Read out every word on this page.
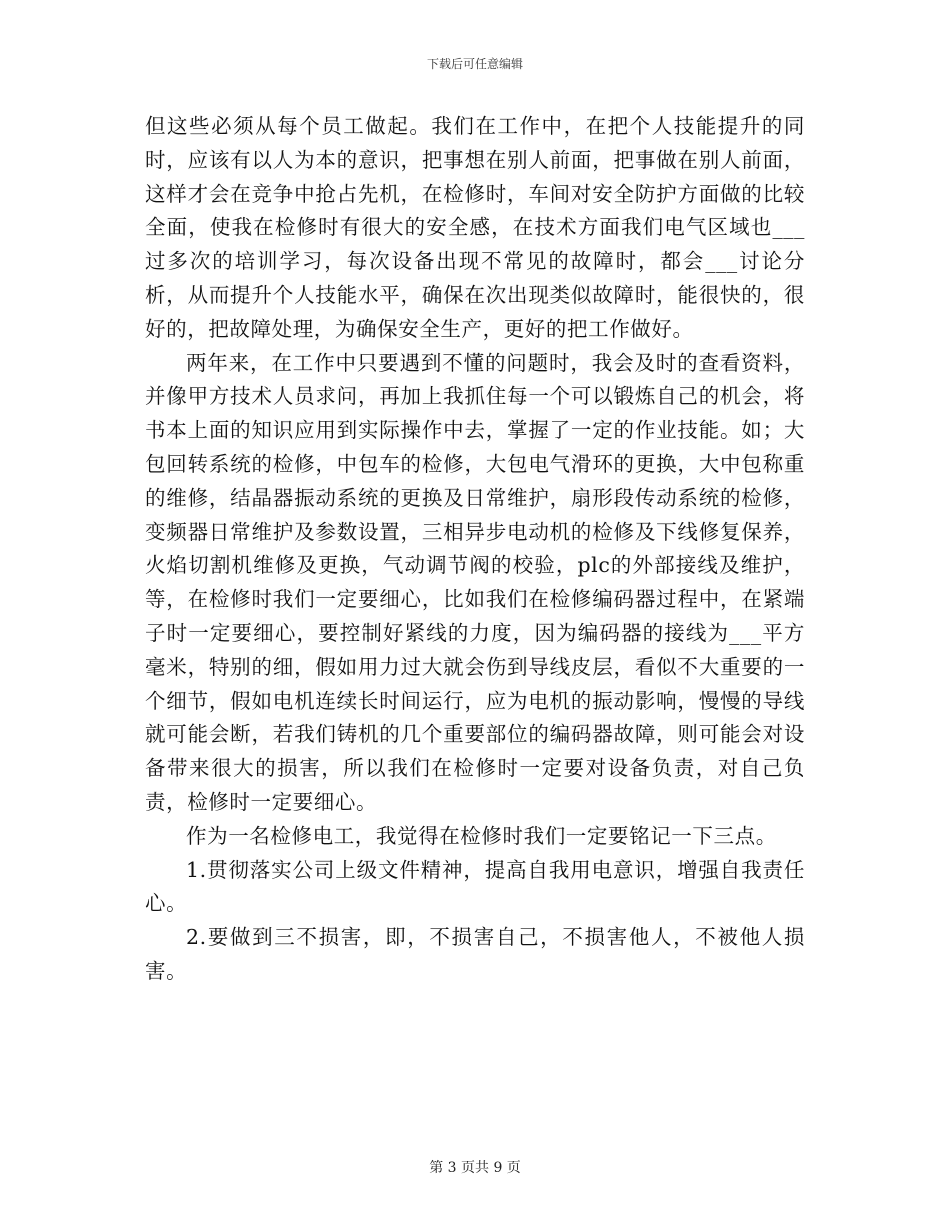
下载后可任意编辑

但这些必须从每个员工做起。我们在工作中，在把个人技能提升的同时，应该有以人为本的意识，把事想在别人前面，把事做在别人前面，这样才会在竞争中抢占先机，在检修时，车间对安全防护方面做的比较全面，使我在检修时有很大的安全感，在技术方面我们电气区域也___过多次的培训学习，每次设备出现不常见的故障时，都会___讨论分析，从而提升个人技能水平，确保在次出现类似故障时，能很快的，很好的，把故障处理，为确保安全生产，更好的把工作做好。

两年来，在工作中只要遇到不懂的问题时，我会及时的查看资料，并像甲方技术人员求问，再加上我抓住每一个可以锻炼自己的机会，将书本上面的知识应用到实际操作中去，掌握了一定的作业技能。如；大包回转系统的检修，中包车的检修，大包电气滑环的更换，大中包称重的维修，结晶器振动系统的更换及日常维护，扇形段传动系统的检修，变频器日常维护及参数设置，三相异步电动机的检修及下线修复保养，火焰切割机维修及更换，气动调节阀的校验，plc的外部接线及维护，等，在检修时我们一定要细心，比如我们在检修编码器过程中，在紧端子时一定要细心，要控制好紧线的力度，因为编码器的接线为___平方毫米，特别的细，假如用力过大就会伤到导线皮层，看似不大重要的一个细节，假如电机连续长时间运行，应为电机的振动影响，慢慢的导线就可能会断，若我们铸机的几个重要部位的编码器故障，则可能会对设备带来很大的损害，所以我们在检修时一定要对设备负责，对自己负责，检修时一定要细心。

作为一名检修电工，我觉得在检修时我们一定要铭记一下三点。

1.贯彻落实公司上级文件精神，提高自我用电意识，增强自我责任心。

2.要做到三不损害，即，不损害自己，不损害他人，不被他人损害。

第 3 页共 9 页
